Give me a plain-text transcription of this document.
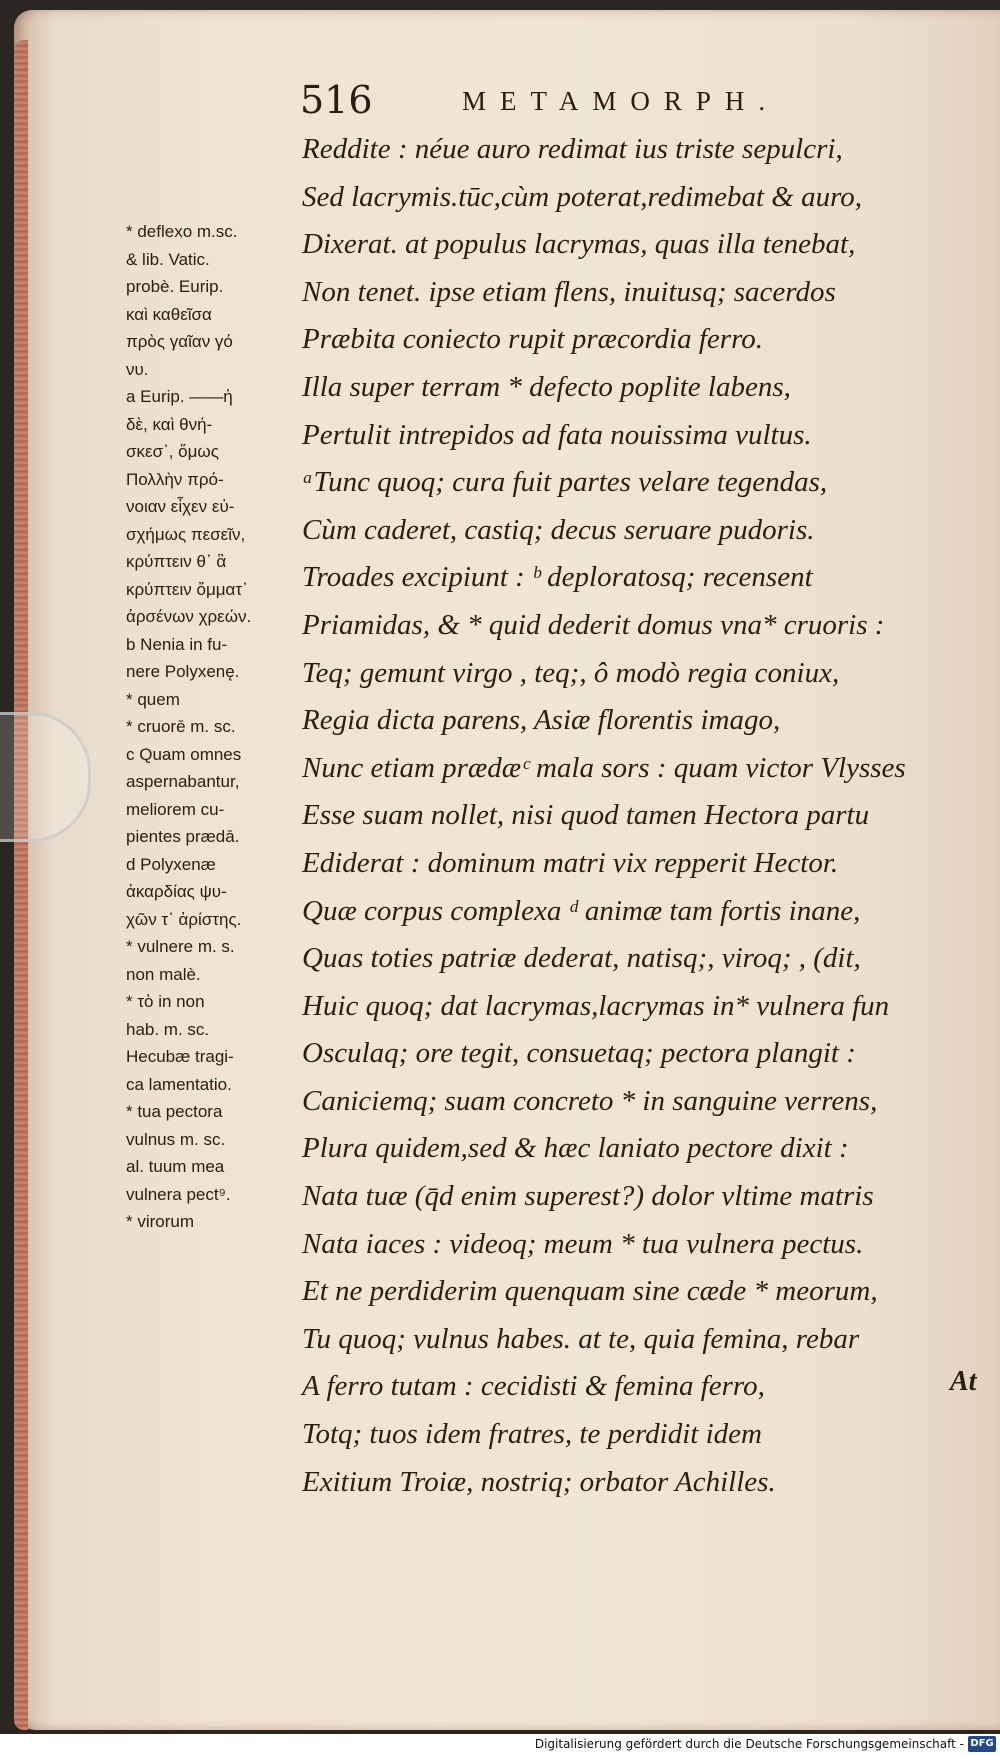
516	METAMORPH.
* deflexo m.sc.
& lib. Vatic.
probè. Eurip.
καὶ καθεῖσα
πρὸς γαῖαν γό
νυ.
a Eurip. ——ἡ
δὲ, καὶ θνή-
σκεσ᾽, ὅμως
Πολλὴν πρό-
νοιαν εἶχεν εὐ-
σχήμως πεσεῖν,
κρύπτειν θ᾽ ἃ
κρύπτειν ὄμματ᾽
ἀρσένων χρεών.
b Nenia in fu-
nere Polyxenę.
* quem
* cruorē m. sc.
c Quam omnes
aspernabantur,
meliorem cu-
pientes prædā.
d Polyxenæ
ἀκαρδίας ψυ-
χῶν τ᾽ ἀρίστης.
* vulnere m. s.
non malè.
* τὸ in non
hab. m. sc.
Hecubæ tragi-
ca lamentatio.
* tua pectora
vulnus m. sc.
al. tuum mea
vulnera pect⁹.
* virorum
Reddite : néue auro redimat ius triste sepulcri,
Sed lacrymis.tūc,cùm poterat,redimebat & auro,
Dixerat. at populus lacrymas, quas illa tenebat,
Non tenet. ipse etiam flens, inuitusq; sacerdos
Præbita coniecto rupit præcordia ferro.
Illa super terram * defecto poplite labens,
Pertulit intrepidos ad fata nouissima vultus.
ᵃTunc quoq; cura fuit partes velare tegendas,
Cùm caderet, castiq; decus seruare pudoris.
Troades excipiunt : ᵇ deploratosq; recensent
Priamidas, & * quid dederit domus vna* cruoris :
Teq; gemunt virgo , teq;, ô modò regia coniux,
Regia dicta parens, Asiæ florentis imago,
Nunc etiam prædæᶜ mala sors : quam victor Vlysses
Esse suam nollet, nisi quod tamen Hectora partu
Ediderat : dominum matri vix repperit Hector.
Quæ corpus complexa ᵈ animæ tam fortis inane,
Quas toties patriæ dederat, natisq;, viroq; , (dit,
Huic quoq; dat lacrymas,lacrymas in* vulnera fun
Osculaq; ore tegit, consuetaq; pectora plangit :
Caniciemq; suam concreto * in sanguine verrens,
Plura quidem,sed & hæc laniato pectore dixit :
Nata tuæ (q̄d enim superest?) dolor vltime matris
Nata iaces : videoq; meum * tua vulnera pectus.
Et ne perdiderim quenquam sine cæde * meorum,
Tu quoq; vulnus habes. at te, quia femina, rebar
A ferro tutam : cecidisti & femina ferro,
Totq; tuos idem fratres, te perdidit idem
Exitium Troiæ, nostriq; orbator Achilles.
At
Digitalisierung gefördert durch die Deutsche Forschungsgemeinschaft - DFG
